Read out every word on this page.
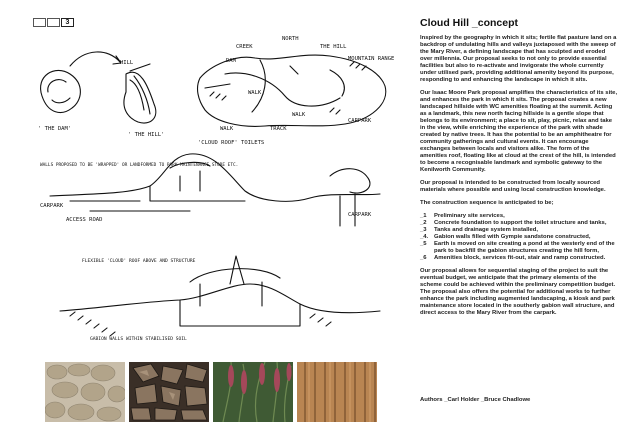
3
' THE DAM'
' THE HILL'
HILL
NORTH
CREEK
DAM
THE HILL
WALK
WALK
TRACK
WALK
MOUNTAIN RANGE
CARPARK
WALLS PROPOSED TO BE 'WRAPPED' OR LANDFORMED TO PARK MAINTENANCE STORE ETC.
'CLOUD ROOF' TOILETS
CARPARK
ACCESS ROAD
CARPARK
FLEXIBLE 'CLOUD' ROOF ABOVE AND STRUCTURE
GABION WALLS WITHIN STABILISED SOIL
Cloud Hill _concept

Inspired by the geography in which it sits; fertile flat pasture land on a backdrop of undulating hills and valleys juxtaposed with the sweep of the Mary River, a defining landscape that has sculpted and eroded over millennia. Our proposal seeks to not only to provide essential facilities but also to re-activate and invigorate the whole currently under utilised park, providing additional amenity beyond its purpose, responding to and enhancing the landscape in which it sits.

Our Isaac Moore Park proposal amplifies the characteristics of its site, and enhances the park in which it sits. The proposal creates a new landscaped hillside with WC amenities floating at the summit. Acting as a landmark, this new north facing hillside is a gentle slope that belongs to its environment; a place to sit, play, picnic, relax and take in the view, while enriching the experience of the park with shade created by native trees. It has the potential to be an amphitheatre for community gatherings and cultural events. It can encourage exchanges between locals and visitors alike. The form of the amenities roof, floating like at cloud at the crest of the hill, is intended to become a recognisable landmark and symbolic gateway to the Kenilworth Community.

Our proposal is intended to be constructed from locally sourced materials where possible and using local construction knowledge.

The construction sequence is anticipated to be;

_1	Preliminary site services,
_2	Concrete foundation to support the toilet structure and tanks,
_3	Tanks and drainage system installed,
_4. Gabion walls filled with Gympie sandstone constructed,
_5	Earth is moved on site creating a pond at the westerly end of the park to backfill the gabion structures creating the hill form,
_6	Amenities block, services fit-out, stair and ramp constructed.

Our proposal allows for sequential staging of the project to suit the eventual budget, we anticipate that the primary elements of the scheme could be achieved within the preliminary competition budget. The proposal also offers the potential for additional works to further enhance the park including augmented landscaping, a kiosk and park maintenance store located in the southerly gabion wall structure, and direct access to the Mary River from the carpark.

Authors _Carl Holder _Bruce Chadlowe
